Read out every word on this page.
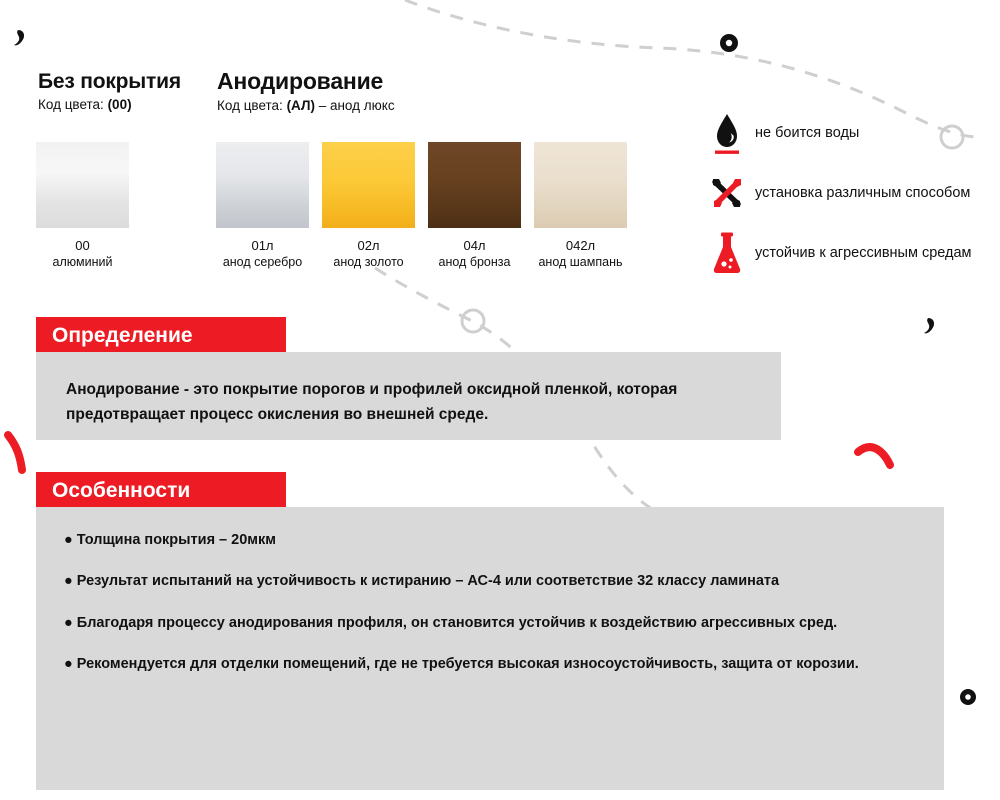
Без покрытия
Код цвета: (00)
00
алюминий
Анодирование
Код цвета: (АЛ) – анод люкс
01л
анод серебро
02л
анод золото
04л
анод бронза
042л
анод шампань
не боится воды
установка различным способом
устойчив к агрессивным средам
Определение
Анодирование - это покрытие порогов и профилей оксидной пленкой, которая предотвращает процесс окисления во внешней среде.
Особенности
● Толщина покрытия – 20мкм
● Результат испытаний на устойчивость к истиранию – АС-4 или соответствие 32 классу ламината
● Благодаря процессу анодирования профиля, он становится устойчив к воздействию агрессивных сред.
● Рекомендуется для отделки помещений, где не требуется высокая износоустойчивость, защита от корозии.
